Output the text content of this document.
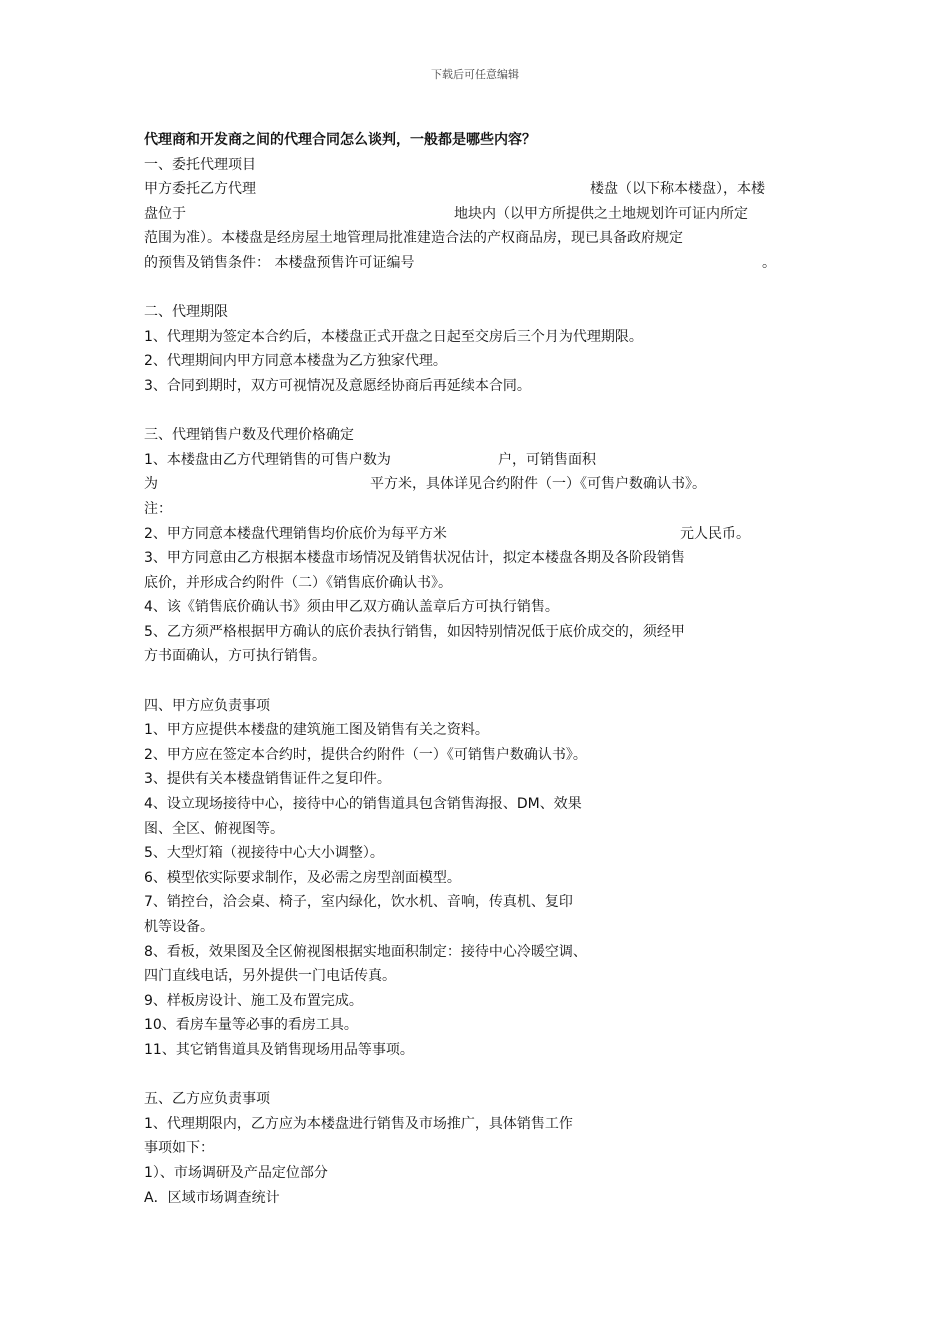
下载后可任意编辑
代理商和开发商之间的代理合同怎么谈判，一般都是哪些内容？
一、委托代理项目
甲方委托乙方代理	楼盘（以下称本楼盘），本楼
盘位于	地块内（以甲方所提供之土地规划许可证内所定
范围为准）。本楼盘是经房屋土地管理局批准建造合法的产权商品房，现已具备政府规定
的预售及销售条件： 本楼盘预售许可证编号	。
二、代理期限
1、代理期为签定本合约后，本楼盘正式开盘之日起至交房后三个月为代理期限。
2、代理期间内甲方同意本楼盘为乙方独家代理。
3、合同到期时，双方可视情况及意愿经协商后再延续本合同。
三、代理销售户数及代理价格确定
1、本楼盘由乙方代理销售的可售户数为	户，可销售面积
为	平方米，具体详见合约附件（一）《可售户数确认书》。
注：
2、甲方同意本楼盘代理销售均价底价为每平方米	元人民币。
3、甲方同意由乙方根据本楼盘市场情况及销售状况估计，拟定本楼盘各期及各阶段销售
底价，并形成合约附件（二）《销售底价确认书》。
4、该《销售底价确认书》须由甲乙双方确认盖章后方可执行销售。
5、乙方须严格根据甲方确认的底价表执行销售，如因特别情况低于底价成交的，须经甲
方书面确认，方可执行销售。
四、甲方应负责事项
1、甲方应提供本楼盘的建筑施工图及销售有关之资料。
2、甲方应在签定本合约时，提供合约附件（一）《可销售户数确认书》。
3、提供有关本楼盘销售证件之复印件。
4、设立现场接待中心，接待中心的销售道具包含销售海报、DM、效果
图、全区、俯视图等。
5、大型灯箱（视接待中心大小调整）。
6、模型依实际要求制作，及必需之房型剖面模型。
7、销控台，洽会桌、椅子，室内绿化，饮水机、音响，传真机、复印
机等设备。
8、看板，效果图及全区俯视图根据实地面积制定：接待中心冷暖空调、
四门直线电话，另外提供一门电话传真。
9、样板房设计、施工及布置完成。
10、看房车量等必事的看房工具。
11、其它销售道具及销售现场用品等事项。
五、乙方应负责事项
1、代理期限内，乙方应为本楼盘进行销售及市场推广，具体销售工作
事项如下：
1）、市场调研及产品定位部分
A．区域市场调查统计
